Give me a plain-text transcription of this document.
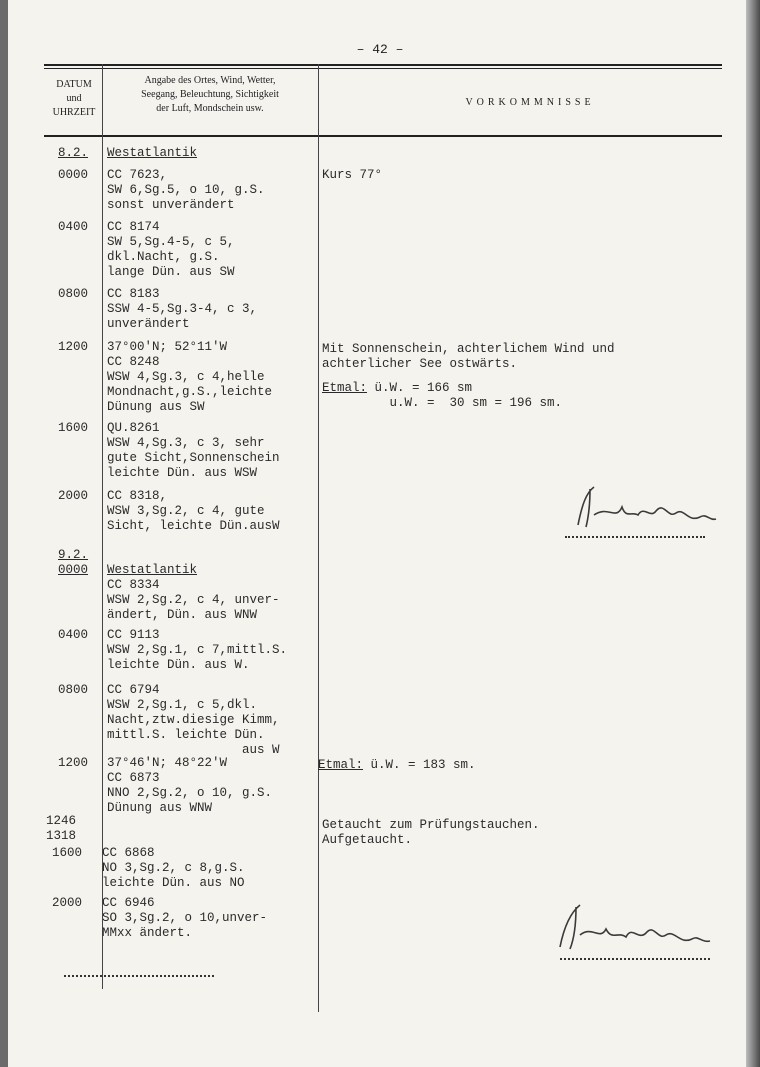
– 42 –
DATUM
und
UHRZEIT
Angabe des Ortes, Wind, Wetter,
Seegang, Beleuchtung, Sichtigkeit
der Luft, Mondschein usw.
VORKOMMNISSE
8.2. Westatlantik
0000 CC 7623,
SW 6,Sg.5, o 10, g.S.
sonst unverändert
Kurs 77°
0400 CC 8174
SW 5,Sg.4-5, c 5,
dkl.Nacht, g.S.
lange Dün. aus SW
0800 CC 8183
SSW 4-5,Sg.3-4, c 3,
unverändert
1200 37°00'N; 52°11'W
CC 8248
WSW 4,Sg.3, c 4,helle
Mondnacht,g.S.,leichte
Dünung aus SW
Mit Sonnenschein, achterlichem Wind und
achterlicher See ostwärts.
Etmal: ü.W. = 166 sm
u.W. =  30 sm = 196 sm.
1600 QU.8261
WSW 4,Sg.3, c 3, sehr
gute Sicht,Sonnenschein
leichte Dün. aus WSW
2000 CC 8318,
WSW 3,Sg.2, c 4, gute
Sicht, leichte Dün.ausW
9.2.
0000 Westatlantik
CC 8334
WSW 2,Sg.2, c 4, unver-
ändert, Dün. aus WNW
0400 CC 9113
WSW 2,Sg.1, c 7,mittl.S.
leichte Dün. aus W.
0800 CC 6794
WSW 2,Sg.1, c 5,dkl.
Nacht,ztw.diesige Kimm,
mittl.S. leichte Dün.
aus W
1200 37°46'N; 48°22'W
CC 6873
NNO 2,Sg.2, o 10, g.S.
Dünung aus WNW
Etmal: ü.W. = 183 sm.
1246	Getaucht zum Prüfungstauchen.
1318	Aufgetaucht.
1600 CC 6868
NO 3,Sg.2, c 8,g.S.
leichte Dün. aus NO
2000 CC 6946
SO 3,Sg.2, o 10,unver-
MMxx ändert.
